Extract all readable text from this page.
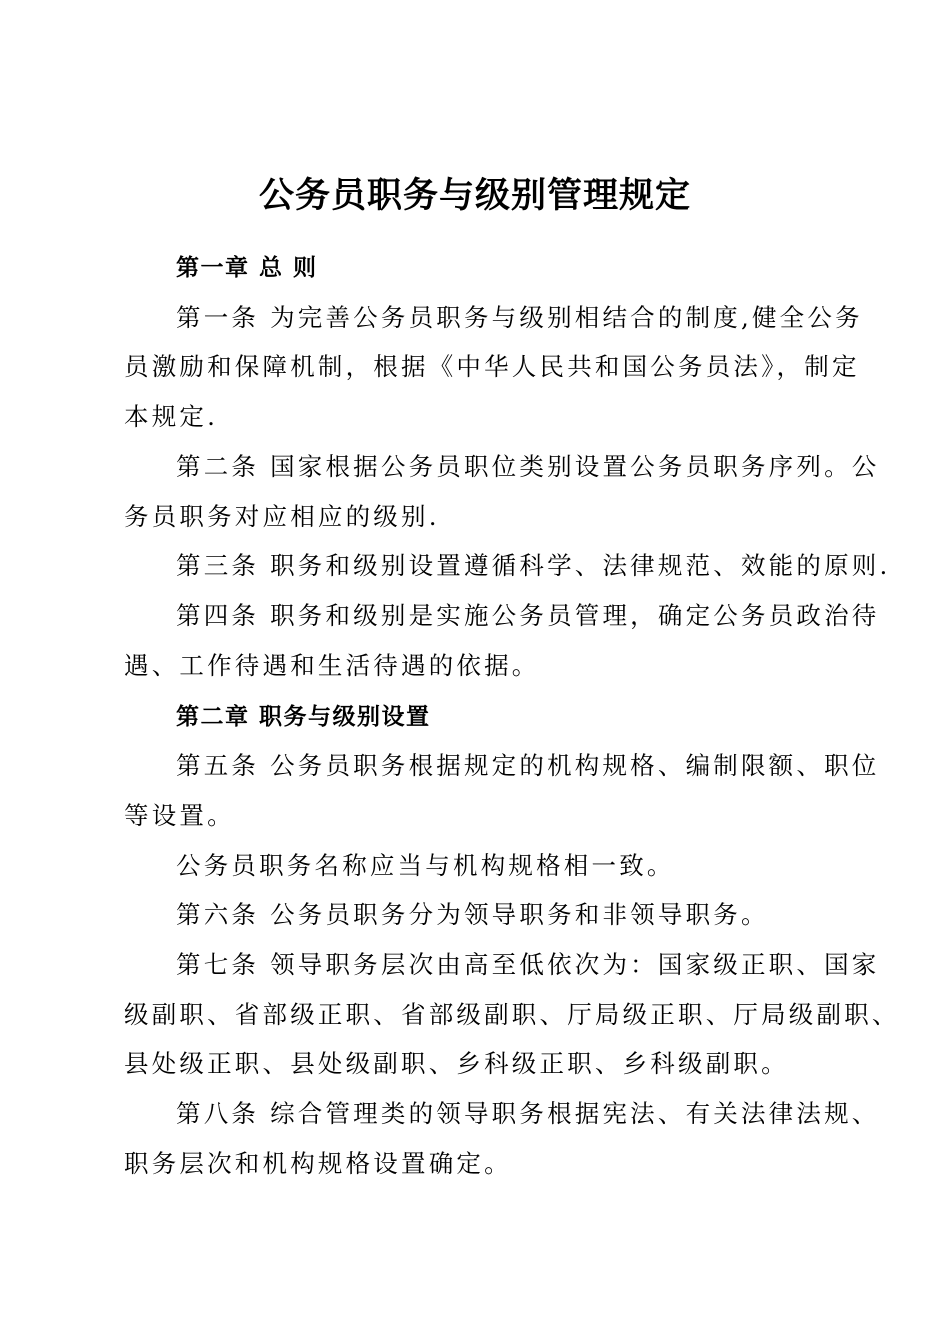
公务员职务与级别管理规定
第一章 总 则
第一条 为完善公务员职务与级别相结合的制度,健全公务
员激励和保障机制，根据《中华人民共和国公务员法》，制定
本规定.
第二条 国家根据公务员职位类别设置公务员职务序列。公
务员职务对应相应的级别.
第三条 职务和级别设置遵循科学、法律规范、效能的原则.
第四条 职务和级别是实施公务员管理，确定公务员政治待
遇、工作待遇和生活待遇的依据。
第二章 职务与级别设置
第五条 公务员职务根据规定的机构规格、编制限额、职位
等设置。
公务员职务名称应当与机构规格相一致。
第六条 公务员职务分为领导职务和非领导职务。
第七条 领导职务层次由高至低依次为：国家级正职、国家
级副职、省部级正职、省部级副职、厅局级正职、厅局级副职、
县处级正职、县处级副职、乡科级正职、乡科级副职。
第八条 综合管理类的领导职务根据宪法、有关法律法规、
职务层次和机构规格设置确定。
